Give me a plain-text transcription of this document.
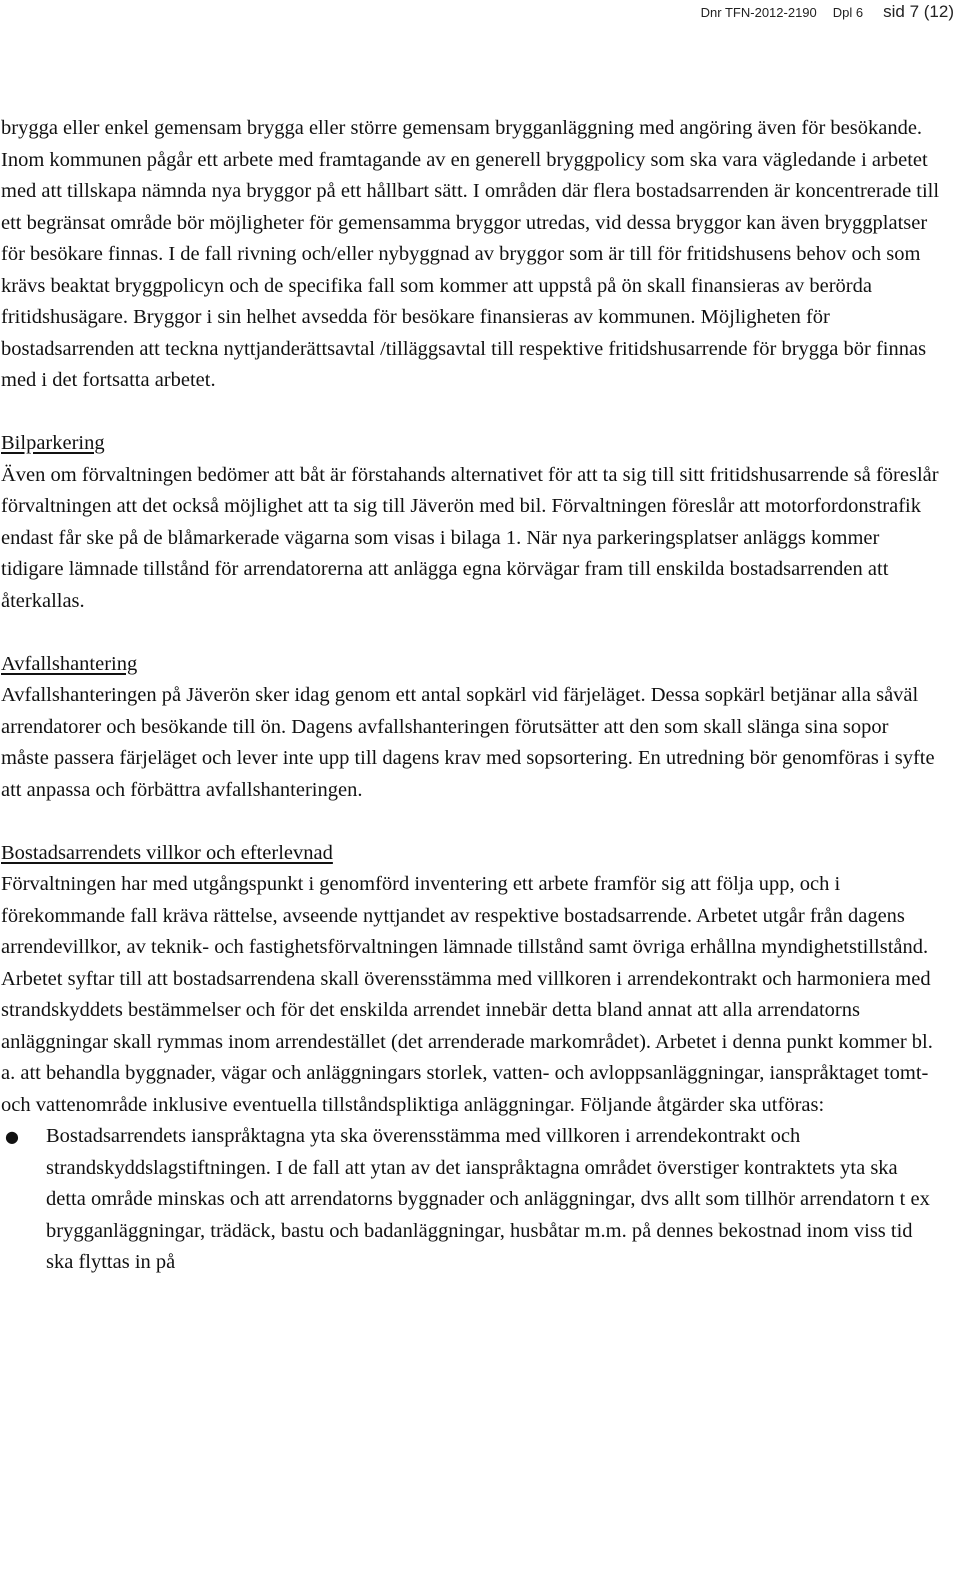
Dnr TFN-2012-2190 Dpl 6 sid 7 (12)

brygga eller enkel gemensam brygga eller större gemensam brygganläggning med angöring även för besökande. Inom kommunen pågår ett arbete med framtagande av en generell bryggpolicy som ska vara vägledande i arbetet med att tillskapa nämnda nya bryggor på ett hållbart sätt. I områden där flera bostadsarrenden är koncentrerade till ett begränsat område bör möjligheter för gemensamma bryggor utredas, vid dessa bryggor kan även bryggplatser för besökare finnas. I de fall rivning och/eller nybyggnad av bryggor som är till för fritidshusens behov och som krävs beaktat bryggpolicyn och de specifika fall som kommer att uppstå på ön skall finansieras av berörda fritidshusägare. Bryggor i sin helhet avsedda för besökare finansieras av kommunen. Möjligheten för bostadsarrenden att teckna nyttjanderättsavtal /tilläggsavtal till respektive fritidshusarrende för brygga bör finnas med i det fortsatta arbetet.

Bilparkering

Även om förvaltningen bedömer att båt är förstahands alternativet för att ta sig till sitt fritidshusarrende så föreslår förvaltningen att det också möjlighet att ta sig till Jäverön med bil. Förvaltningen föreslår att motorfordonstrafik endast får ske på de blåmarkerade vägarna som visas i bilaga 1. När nya parkeringsplatser anläggs kommer tidigare lämnade tillstånd för arrendatorerna att anlägga egna körvägar fram till enskilda bostadsarrenden att återkallas.

Avfallshantering

Avfallshanteringen på Jäverön sker idag genom ett antal sopkärl vid färjeläget. Dessa sopkärl betjänar alla såväl arrendatorer och besökande till ön. Dagens avfallshanteringen förutsätter att den som skall slänga sina sopor måste passera färjeläget och lever inte upp till dagens krav med sopsortering. En utredning bör genomföras i syfte att anpassa och förbättra avfallshanteringen.

Bostadsarrendets villkor och efterlevnad

Förvaltningen har med utgångspunkt i genomförd inventering ett arbete framför sig att följa upp, och i förekommande fall kräva rättelse, avseende nyttjandet av respektive bostadsarrende. Arbetet utgår från dagens arrendevillkor, av teknik- och fastighetsförvaltningen lämnade tillstånd samt övriga erhållna myndighetstillstånd. Arbetet syftar till att bostadsarrendena skall överensstämma med villkoren i arrendekontrakt och harmoniera med strandskyddets bestämmelser och för det enskilda arrendet innebär detta bland annat att alla arrendatorns anläggningar skall rymmas inom arrendestället (det arrenderade markområdet). Arbetet i denna punkt kommer bl. a. att behandla byggnader, vägar och anläggningars storlek, vatten- och avloppsanläggningar, ianspråktaget tomt- och vattenområde inklusive eventuella tillståndspliktiga anläggningar. Följande åtgärder ska utföras:

● Bostadsarrendets ianspråktagna yta ska överensstämma med villkoren i arrendekontrakt och strandskyddslagstiftningen. I de fall att ytan av det ianspråktagna området överstiger kontraktets yta ska detta område minskas och att arrendatorns byggnader och anläggningar, dvs allt som tillhör arrendatorn t ex brygganläggningar, trädäck, bastu och badanläggningar, husbåtar m.m. på dennes bekostnad inom viss tid ska flyttas in på
